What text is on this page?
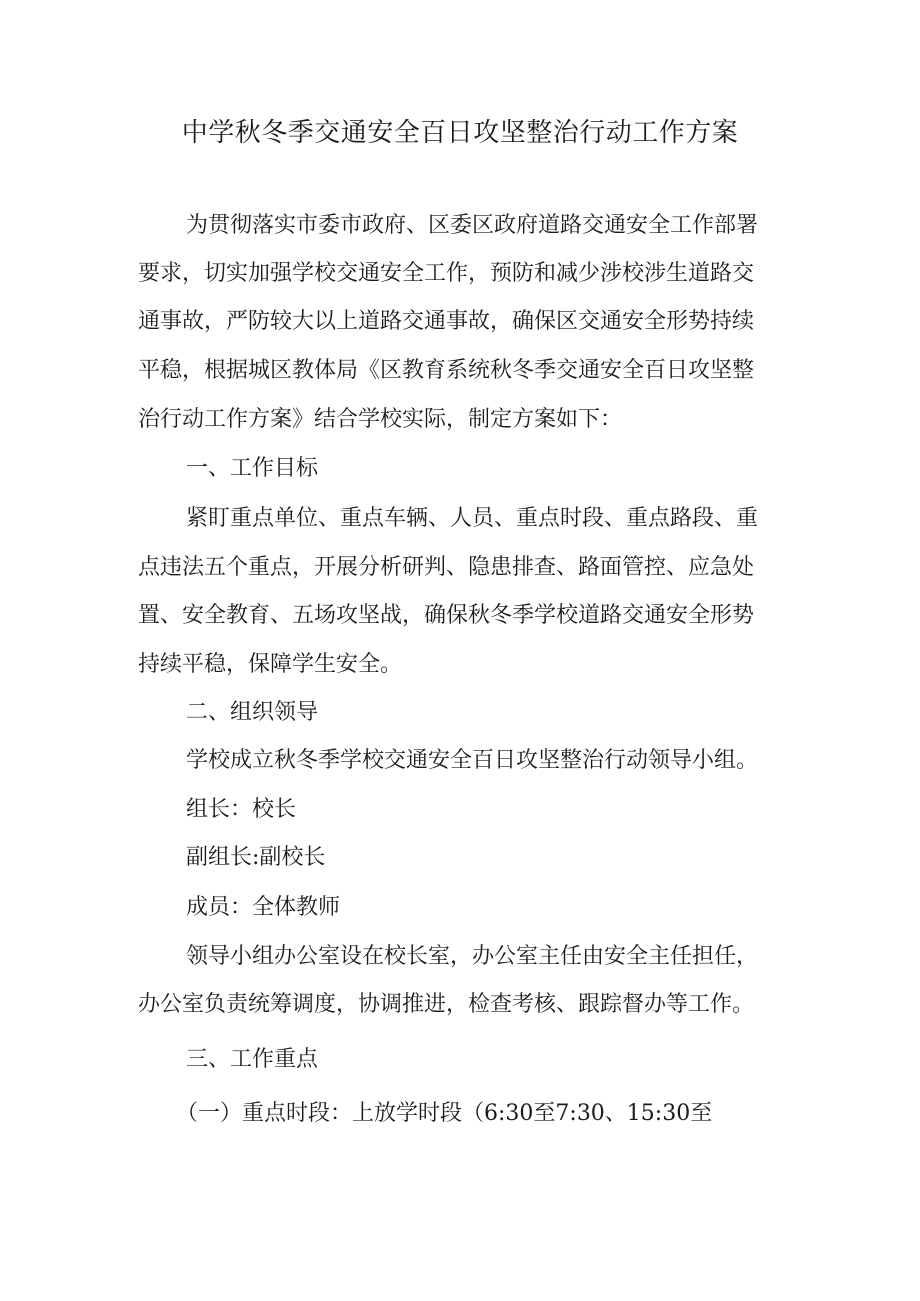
中学秋冬季交通安全百日攻坚整治行动工作方案

为贯彻落实市委市政府、区委区政府道路交通安全工作部署

要求，切实加强学校交通安全工作，预防和减少涉校涉生道路交

通事故，严防较大以上道路交通事故，确保区交通安全形势持续

平稳，根据城区教体局《区教育系统秋冬季交通安全百日攻坚整

治行动工作方案》结合学校实际，制定方案如下：

一、工作目标

紧盯重点单位、重点车辆、人员、重点时段、重点路段、重

点违法五个重点，开展分析研判、隐患排查、路面管控、应急处

置、安全教育、五场攻坚战，确保秋冬季学校道路交通安全形势

持续平稳，保障学生安全。

二、组织领导

学校成立秋冬季学校交通安全百日攻坚整治行动领导小组。

组长：校长

副组长:副校长

成员：全体教师

领导小组办公室设在校长室，办公室主任由安全主任担任，

办公室负责统筹调度，协调推进，检查考核、跟踪督办等工作。

三、工作重点

（一）重点时段：上放学时段（6:30至7:30、15:30至
